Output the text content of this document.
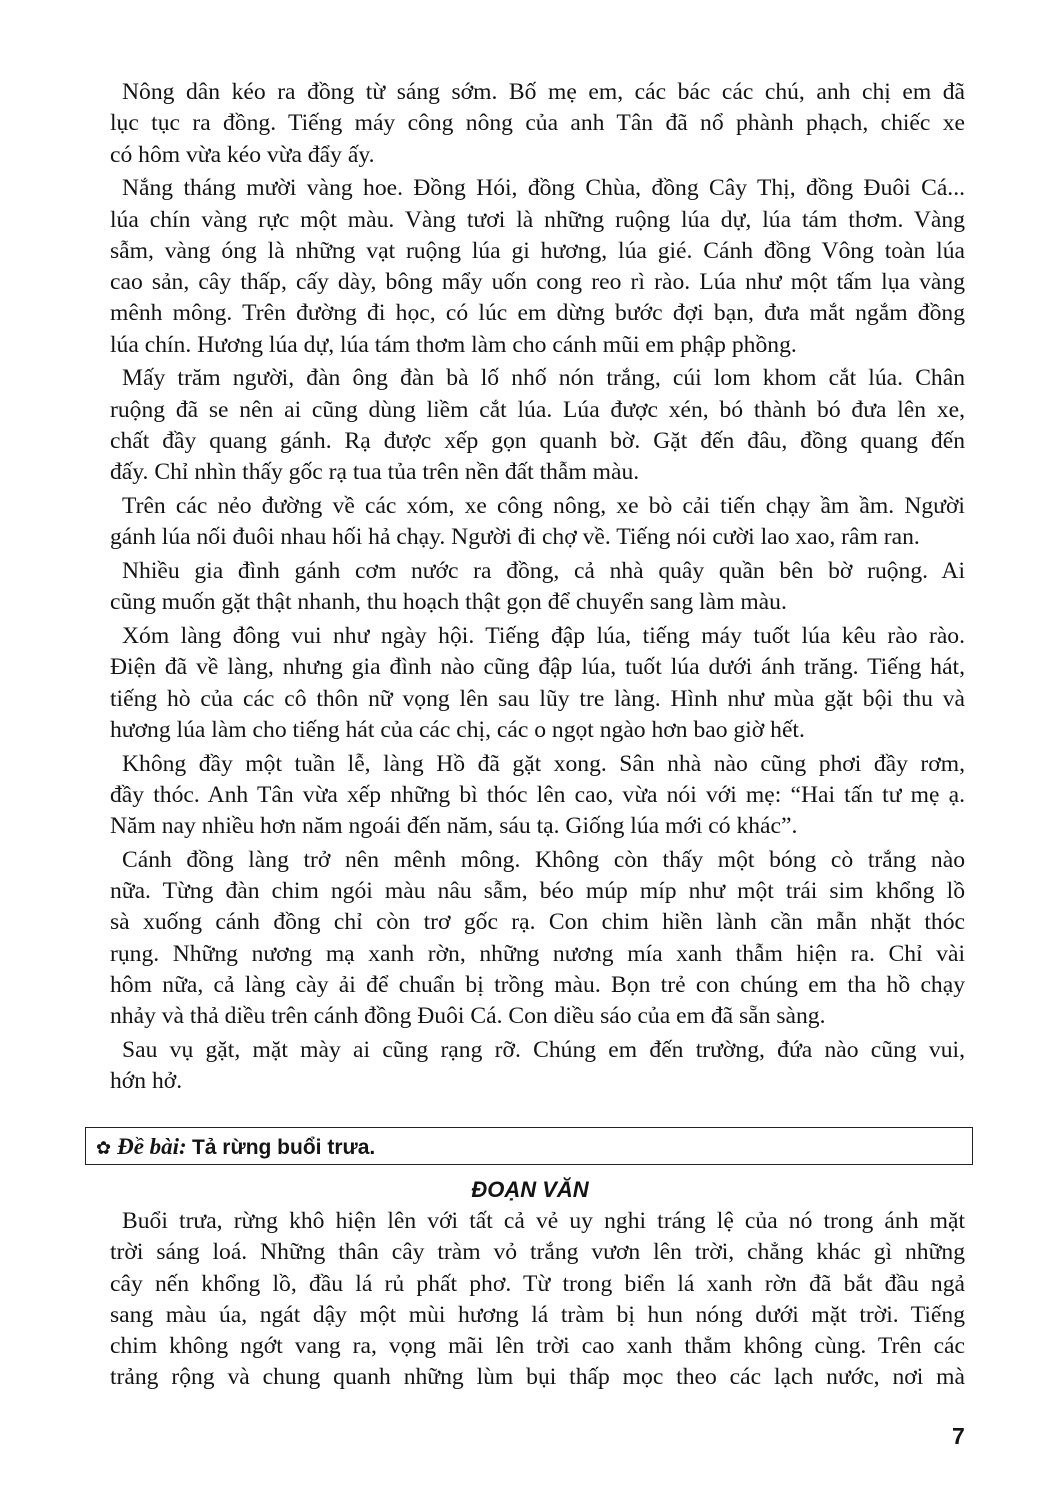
Nông dân kéo ra đồng từ sáng sớm. Bố mẹ em, các bác các chú, anh chị em đã
lục tục ra đồng. Tiếng máy công nông của anh Tân đã nổ phành phạch, chiếc xe
có hôm vừa kéo vừa đẩy ấy.
Nắng tháng mười vàng hoe. Đồng Hói, đồng Chùa, đồng Cây Thị, đồng Đuôi Cá...
lúa chín vàng rực một màu. Vàng tươi là những ruộng lúa dự, lúa tám thơm. Vàng
sẫm, vàng óng là những vạt ruộng lúa gi hương, lúa gié. Cánh đồng Vông toàn lúa
cao sản, cây thấp, cấy dày, bông mẩy uốn cong reo rì rào. Lúa như một tấm lụa vàng
mênh mông. Trên đường đi học, có lúc em dừng bước đợi bạn, đưa mắt ngắm đồng
lúa chín. Hương lúa dự, lúa tám thơm làm cho cánh mũi em phập phồng.
Mấy trăm người, đàn ông đàn bà lố nhố nón trắng, cúi lom khom cắt lúa. Chân
ruộng đã se nên ai cũng dùng liềm cắt lúa. Lúa được xén, bó thành bó đưa lên xe,
chất đầy quang gánh. Rạ được xếp gọn quanh bờ. Gặt đến đâu, đồng quang đến
đấy. Chỉ nhìn thấy gốc rạ tua tủa trên nền đất thẫm màu.
Trên các nẻo đường về các xóm, xe công nông, xe bò cải tiến chạy ầm ầm. Người
gánh lúa nối đuôi nhau hối hả chạy. Người đi chợ về. Tiếng nói cười lao xao, râm ran.
Nhiều gia đình gánh cơm nước ra đồng, cả nhà quây quần bên bờ ruộng. Ai
cũng muốn gặt thật nhanh, thu hoạch thật gọn để chuyển sang làm màu.
Xóm làng đông vui như ngày hội. Tiếng đập lúa, tiếng máy tuốt lúa kêu rào rào.
Điện đã về làng, nhưng gia đình nào cũng đập lúa, tuốt lúa dưới ánh trăng. Tiếng hát,
tiếng hò của các cô thôn nữ vọng lên sau lũy tre làng. Hình như mùa gặt bội thu và
hương lúa làm cho tiếng hát của các chị, các o ngọt ngào hơn bao giờ hết.
Không đầy một tuần lễ, làng Hồ đã gặt xong. Sân nhà nào cũng phơi đầy rơm,
đầy thóc. Anh Tân vừa xếp những bì thóc lên cao, vừa nói với mẹ: “Hai tấn tư mẹ ạ.
Năm nay nhiều hơn năm ngoái đến năm, sáu tạ. Giống lúa mới có khác”.
Cánh đồng làng trở nên mênh mông. Không còn thấy một bóng cò trắng nào
nữa. Từng đàn chim ngói màu nâu sẫm, béo múp míp như một trái sim khổng lồ
sà xuống cánh đồng chỉ còn trơ gốc rạ. Con chim hiền lành cần mẫn nhặt thóc
rụng. Những nương mạ xanh rờn, những nương mía xanh thẫm hiện ra. Chỉ vài
hôm nữa, cả làng cày ải để chuẩn bị trồng màu. Bọn trẻ con chúng em tha hồ chạy
nhảy và thả diều trên cánh đồng Đuôi Cá. Con diều sáo của em đã sẵn sàng.
Sau vụ gặt, mặt mày ai cũng rạng rỡ. Chúng em đến trường, đứa nào cũng vui,
hớn hở.
✿ Đề bài: Tả rừng buổi trưa.
ĐOẠN VĂN
Buổi trưa, rừng khô hiện lên với tất cả vẻ uy nghi tráng lệ của nó trong ánh mặt
trời sáng loá. Những thân cây tràm vỏ trắng vươn lên trời, chẳng khác gì những
cây nến khổng lồ, đầu lá rủ phất phơ. Từ trong biển lá xanh rờn đã bắt đầu ngả
sang màu úa, ngát dậy một mùi hương lá tràm bị hun nóng dưới mặt trời. Tiếng
chim không ngớt vang ra, vọng mãi lên trời cao xanh thẳm không cùng. Trên các
trảng rộng và chung quanh những lùm bụi thấp mọc theo các lạch nước, nơi mà
7
